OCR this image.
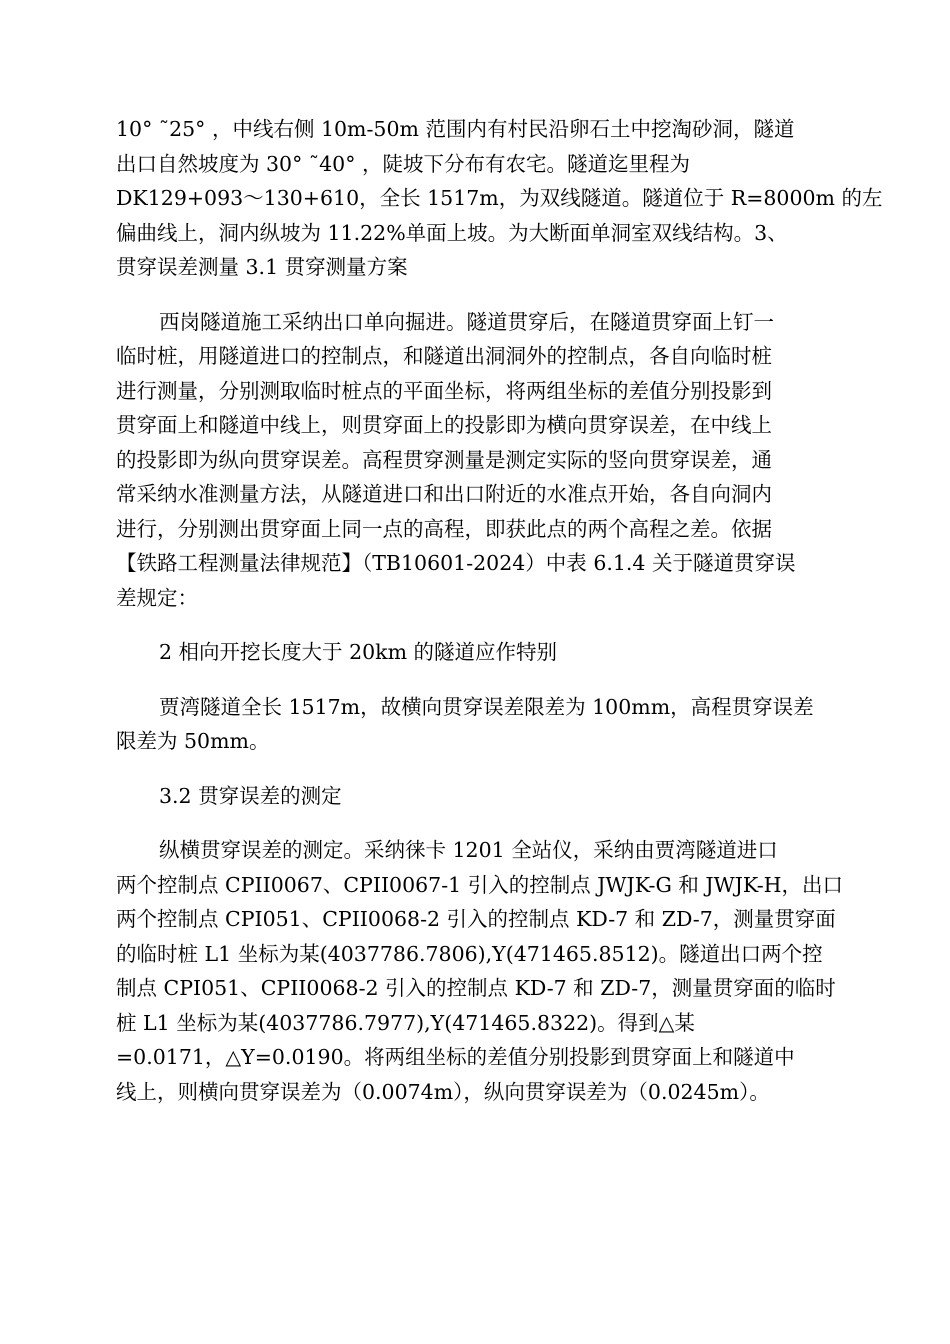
10° ˜25° ，中线右侧 10m-50m 范围内有村民沿卵石土中挖淘砂洞，隧道
出口自然坡度为 30° ˜40° ，陡坡下分布有农宅。隧道迄里程为
DK129+093～130+610，全长 1517m，为双线隧道。隧道位于 R=8000m 的左
偏曲线上，洞内纵坡为 11.22%单面上坡。为大断面单洞室双线结构。3、
贯穿误差测量 3.1 贯穿测量方案
西岗隧道施工采纳出口单向掘进。隧道贯穿后，在隧道贯穿面上钉一
临时桩，用隧道进口的控制点，和隧道出洞洞外的控制点，各自向临时桩
进行测量，分别测取临时桩点的平面坐标，将两组坐标的差值分别投影到
贯穿面上和隧道中线上，则贯穿面上的投影即为横向贯穿误差，在中线上
的投影即为纵向贯穿误差。高程贯穿测量是测定实际的竖向贯穿误差，通
常采纳水准测量方法，从隧道进口和出口附近的水准点开始，各自向洞内
进行，分别测出贯穿面上同一点的高程，即获此点的两个高程之差。依据
【铁路工程测量法律规范】（TB10601-2024）中表 6.1.4 关于隧道贯穿误
差规定：
2 相向开挖长度大于 20km 的隧道应作特别
贾湾隧道全长 1517m，故横向贯穿误差限差为 100mm，高程贯穿误差
限差为 50mm。
3.2 贯穿误差的测定
纵横贯穿误差的测定。采纳徕卡 1201 全站仪，采纳由贾湾隧道进口
两个控制点 CPII0067、CPII0067-1 引入的控制点 JWJK-G 和 JWJK-H，出口
两个控制点 CPI051、CPII0068-2 引入的控制点 KD-7 和 ZD-7，测量贯穿面
的临时桩 L1 坐标为某(4037786.7806),Y(471465.8512)。隧道出口两个控
制点 CPI051、CPII0068-2 引入的控制点 KD-7 和 ZD-7，测量贯穿面的临时
桩 L1 坐标为某(4037786.7977),Y(471465.8322)。得到△某
=0.0171，△Y=0.0190。将两组坐标的差值分别投影到贯穿面上和隧道中
线上，则横向贯穿误差为（0.0074m），纵向贯穿误差为（0.0245m）。
